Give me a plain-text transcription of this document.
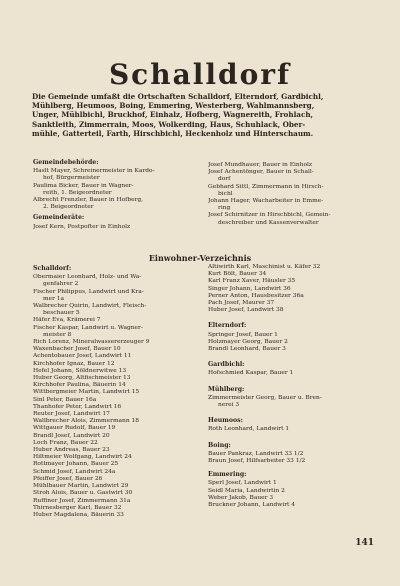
Schalldorf
Die Gemeinde umfaßt die Ortschaften Schalldorf, Elterndorf, Gardbichl,
Mühlberg, Heumoos, Boing, Emmering, Westerberg, Wahlmannsberg,
Unger, Mühlbichl, Bruckhof, Einhalz, Hofberg, Wagnereith, Frohlach,
Sanktleith, Zimmerrain, Moos, Wolkerding, Haus, Schuhlack, Ober-
mühle, Gatterteil, Farth, Hirschbichl, Heckenholz und Hinterschaum.
Gemeindebehörde:
Haslt Mayer, Schreinermeister in Kardo-
hof, Bürgermeister
Paulima Bicker, Bauer in Wagner-
reith, 1. Beigeordneter
Albrecht Frenzler, Bauer in Hofberg,
2. Beigeordneter
Gemeinderäte:
Josef Kern, Postpofter in Einholz
Josef Mundhauer, Bauer in Einholz
Josef Achentönger, Bauer in Schall-
dorf
Gebhard Sittl, Zimmermann in Hirsch-
bichl
Johann Hager, Wacharbeiter in Emme-
ring
Josef Schirnitzer in Hirschbichl, Gemein-
deschreiber und Kassenverwalter
Einwohner-Verzeichnis
Schalldorf:
Obermaier Leonhard, Holz- und Wa-
genfahrer 2
Fischer Philippus, Landwirt und Kra-
mer 1a
Walbrecher Quirin, Landwirt, Fleisch-
beschauer 5
Häfer Eva, Krämerei 7
Fischer Kaspar, Landwirt u. Wagner-
meister 8
Rich Lorenz, Mineralwassererzeuger 9
Waxenbacher Josef, Bauer 10
Achentobauer Josef, Landwirt 11
Kirchhofer Ignaz, Bauer 12
Hefel Johann, Söldnerwitwe 13
Huber Georg, Altfischmeister 13
Kirchhofer Paulina, Bäuerin 14
Wittbergmeier Martin, Landwirt 15
Sinl Peter, Bauer 16a
Thanhofer Peter, Landwirt 16
Reuter Josef, Landwirt 17
Wallbrecher Alois, Zimmermann 18
Wittgauer Rudolf, Bauer 19
Brandl Josef, Landwirt 20
Loch Franz, Bauer 22
Huber Andreas, Bauer 23
Hiltmeier Wolfgang, Landwirt 24
Rottmayer Johann, Bauer 25
Schmid Josef, Landwirt 24a
Pfeiffer Josef, Bauer 26
Mühlbauer Martin, Landwirt 29
Stroh Alois, Bauer u. Gastwirt 30
Ruffiner Josef, Zimmermann 31a
Thirnesberger Karl, Bauer 32
Huber Magdalena, Bäuerin 33
Altiwirth Karl, Maschinist u. Käfer 32
Kurt Bölt, Bauer 34
Karl Franz Xaver, Häusler 35
Singer Johann, Landwirt 36
Perner Anton, Hausbesitzer 36a
Pach Josef, Maurer 37
Huber Josef, Landwirt 38
Elterndorf:
Springer Josef, Bauer 1
Holzmayer Georg, Bauer 2
Brandl Leonhard, Bauer 3
Gardbichl:
Hofschmied Kaspar, Bauer 1
Mühlberg:
Zimmermeister Georg, Bauer u. Bren-
nerei 3
Heumoos:
Roth Leonhard, Landwirt 1
Boing:
Bauer Pankraz, Landwirt 33 1/2
Braun Josef, Hilfsarbeiter 33 1/2
Emmering:
Sperl Josef, Landwirt 1
Seidl Maria, Landwirtin 2
Weber Jakob, Bauer 3
Bruckner Johann, Landwirt 4
141
